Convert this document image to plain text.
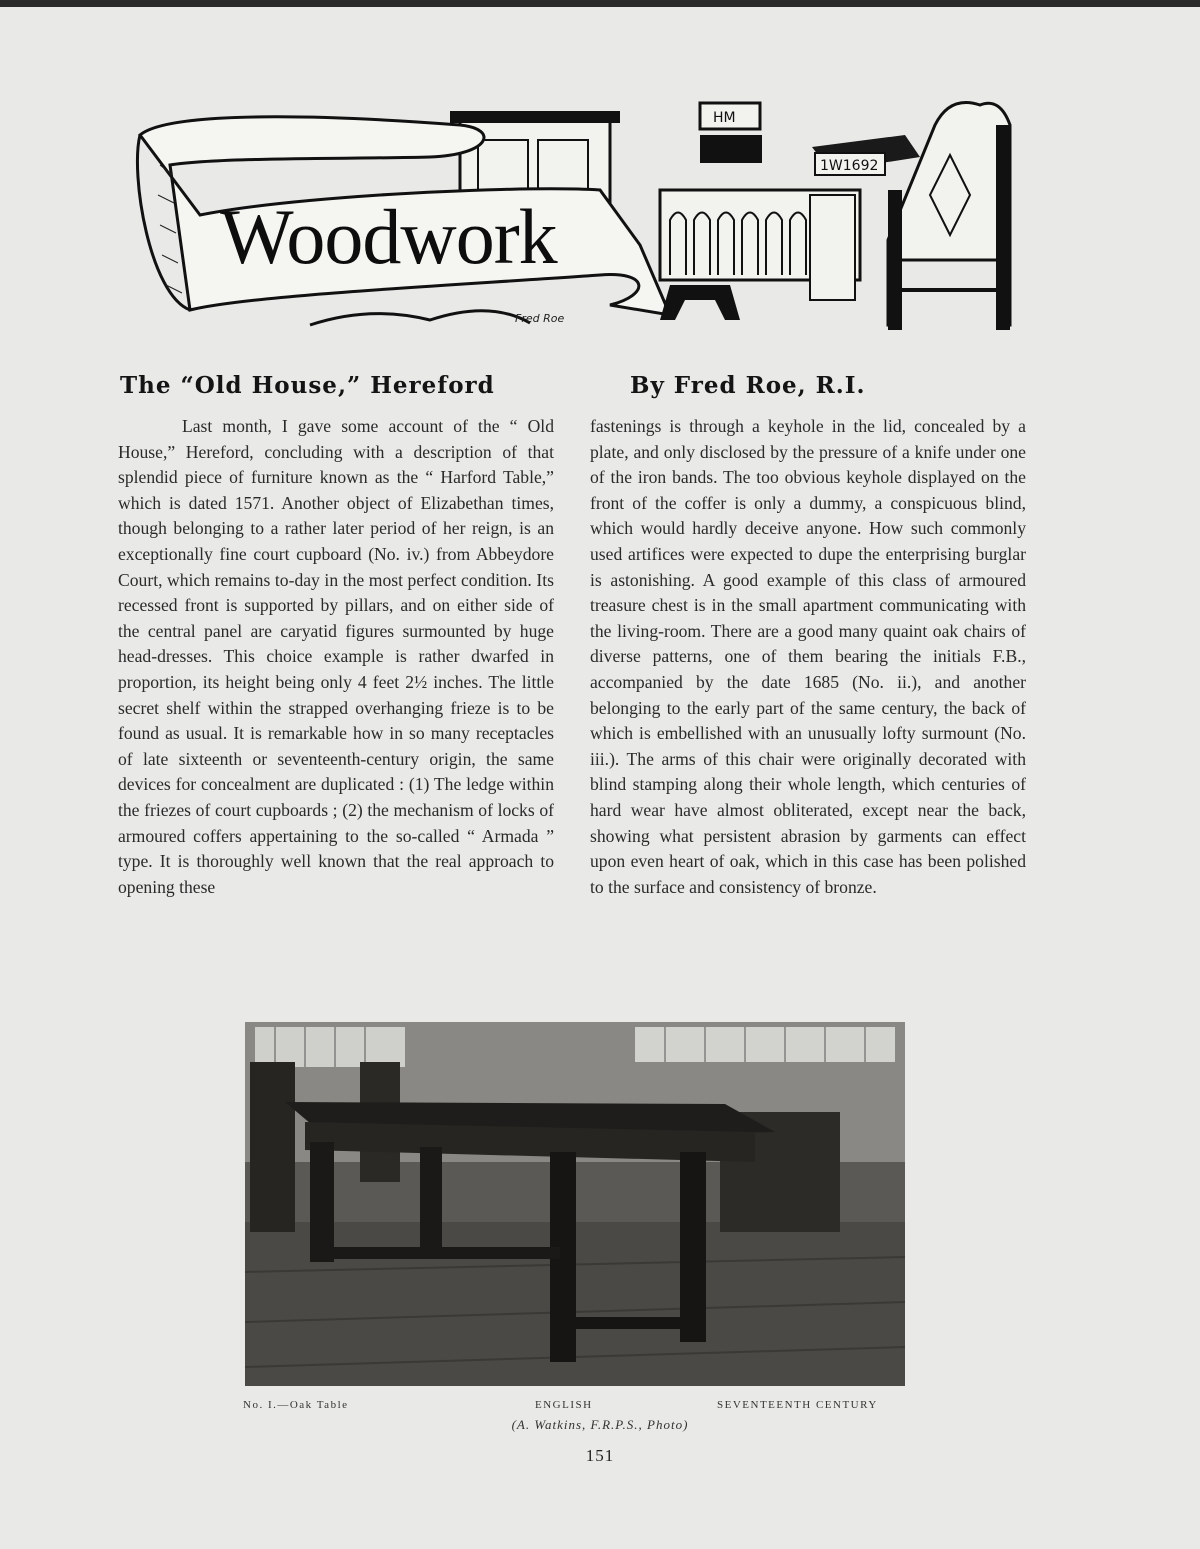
HM
1W1692
Woodwork
Fred Roe
The “Old House,” Hereford	By Fred Roe, R.I.

Last month, I gave some account of the “ Old House,” Hereford, concluding with a description of that splendid piece of furniture known as the “ Harford Table,” which is dated 1571. Another object of Elizabethan times, though belonging to a rather later period of her reign, is an exceptionally fine court cupboard (No. iv.) from Abbeydore Court, which remains to-day in the most perfect condition. Its recessed front is supported by pillars, and on either side of the central panel are caryatid figures surmounted by huge head-dresses. This choice example is rather dwarfed in proportion, its height being only 4 feet 2½ inches. The little secret shelf within the strapped overhanging frieze is to be found as usual. It is remarkable how in so many receptacles of late sixteenth or seventeenth-century origin, the same devices for concealment are duplicated : (1) The ledge within the friezes of court cupboards ; (2) the mechanism of locks of armoured coffers appertaining to the so-called “ Armada ” type. It is thoroughly well known that the real approach to opening these

fastenings is through a keyhole in the lid, concealed by a plate, and only disclosed by the pressure of a knife under one of the iron bands. The too obvious keyhole displayed on the front of the coffer is only a dummy, a conspicuous blind, which would hardly deceive anyone. How such commonly used artifices were expected to dupe the enterprising burglar is astonishing. A good example of this class of armoured treasure chest is in the small apartment communicating with the living-room. There are a good many quaint oak chairs of diverse patterns, one of them bearing the initials F.B., accompanied by the date 1685 (No. ii.), and another belonging to the early part of the same century, the back of which is embellished with an unusually lofty surmount (No. iii.). The arms of this chair were originally decorated with blind stamping along their whole length, which centuries of hard wear have almost obliterated, except near the back, showing what persistent abrasion by garments can effect upon even heart of oak, which in this case has been polished to the surface and consistency of bronze.

No. I.—Oak Table	ENGLISH	SEVENTEENTH CENTURY
(A. Watkins, F.R.P.S., Photo)
151
